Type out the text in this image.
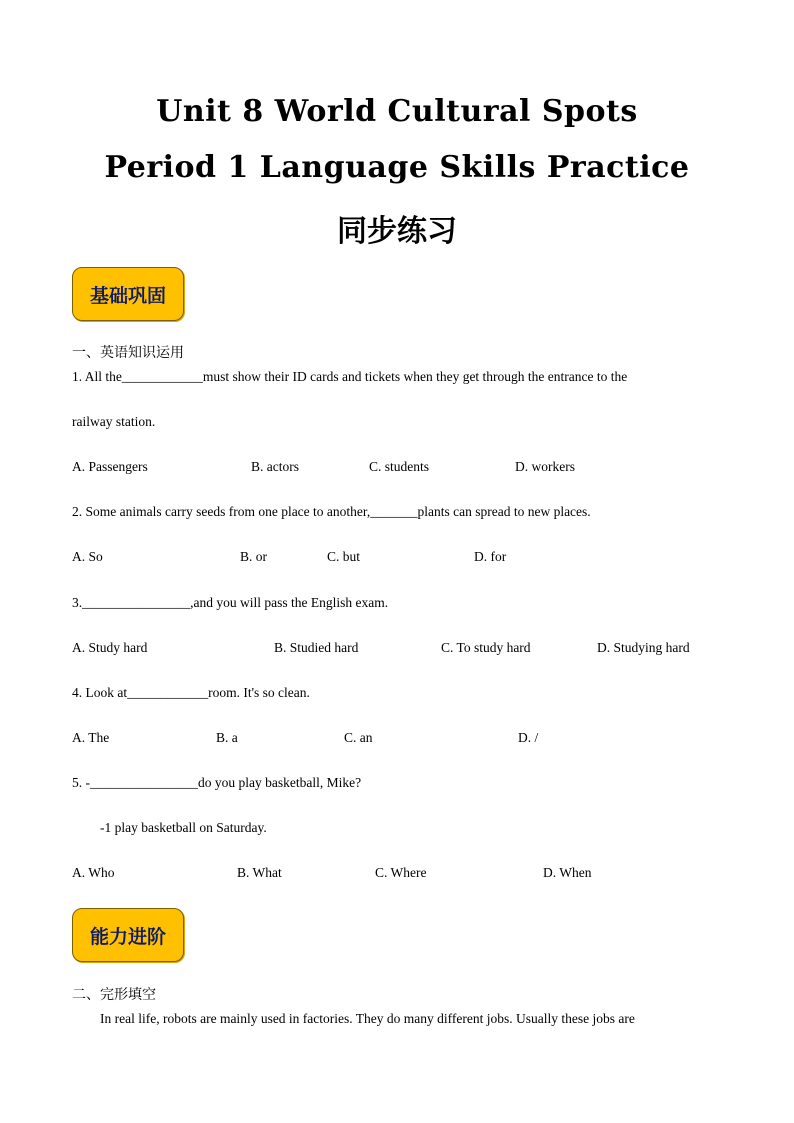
Unit 8 World Cultural Spots
Period 1 Language Skills Practice
同步练习
基础巩固
一、英语知识运用
1. All the____________must show their ID cards and tickets when they get through the entrance to the
railway station.
A. Passengers	B. actors	C. students	D. workers
2. Some animals carry seeds from one place to another,_______plants can spread to new places.
A. So	B. or	C. but	D. for
3.________________,and you will pass the English exam.
A. Study hard	B. Studied hard	C. To study hard	D. Studying hard
4. Look at____________room. It's so clean.
A. The	B. a	C. an	D. /
5. -________________do you play basketball, Mike?
-1 play basketball on Saturday.
A. Who	B. What	C. Where	D. When
能力进阶
二、完形填空
In real life, robots are mainly used in factories. They do many different jobs. Usually these jobs are
